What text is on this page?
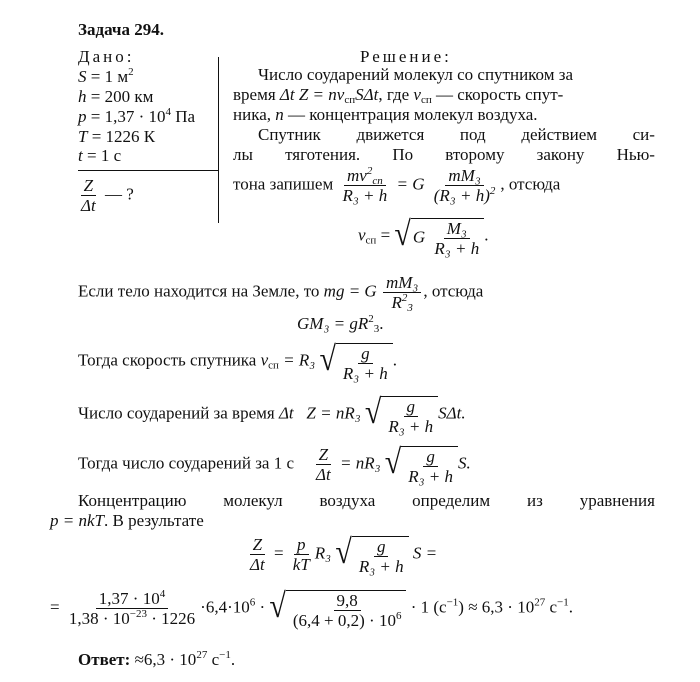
Задача 294.
Дано:
S = 1 $м^2$
h = 200 км
$p = 1,37 \cdot 10^4$ Па
T = 1226 К
t = 1 с
$\frac{Z}{\Delta t}$ — ?
Решение:
Число соударений молекул со спутником за
время Δt $Z = nv_{сп}S\Delta t$, где $v_{сп}$ — скорость спут-
ника, n — концентрация молекул воздуха.
Спутник движется под действием си-
лы тяготения. По второму закону Нью-
тона запишем $\frac{mv^2_{сп}}{\text{R₃ + h}} = G \frac{\text{mM₃}}{(R_3 + h)^2}$ , отсюда
$v_{сп}$ = √ G $\frac{\text{M₃}}{\text{R₃ + h}}$ .
Если тело находится на Земле, то mg = G $\frac{\text{mM₃}}{R^2_3}$ , отсюда
$GM_3 = gR^2_3$.
Тогда скорость спутника $v_{сп} = R_3$ √ $\frac{g}{\text{R₃ + h}}$ .
Число соударений за время Δt Z = nR₃ √ $\frac{g}{\text{R₃ + h}} S\Delta t$.
Тогда число соударений за 1 с $\frac{Z}{\Delta t} = nR_3$ √ $\frac{g}{\text{R₃ + h}} S$.
Концентрацию молекул воздуха определим из уравнения
p = nkT. В результате
$\frac{Z}{\Delta t} = \frac{p}{kT} R_3$ √ $\frac{g}{\text{R₃ + h}}$ S =
= $\frac{1,37 \cdot 10^4}{1,38 \cdot 10^{-23} \cdot 1226} \cdot 6,4\cdot 10^6$ · √ $\frac{9,8}{(6,4 + 0,2) \cdot 10^6} \cdot 1$ $(с^{-1}) \approx 6,3 \cdot 10^{27}$ $с^{-1}$.
Ответ: $\approx 6,3 \cdot 10^{27}$ $с^{-1}$.
